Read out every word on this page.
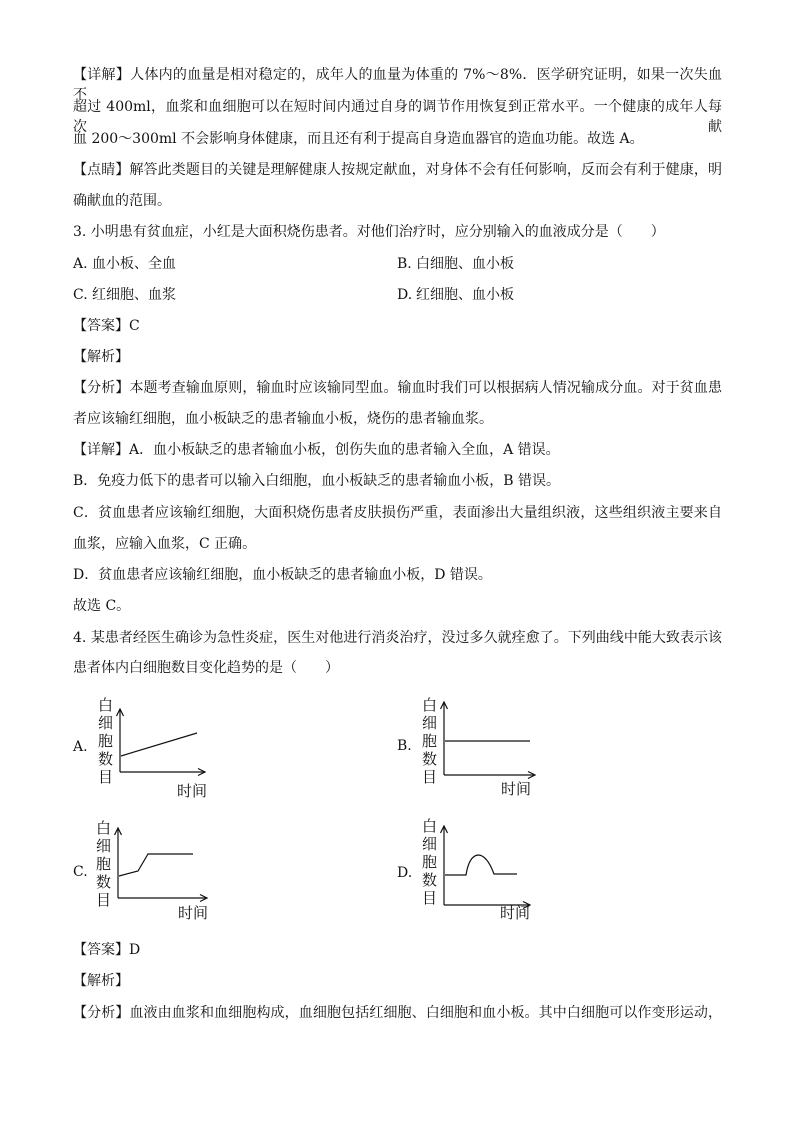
【详解】人体内的血量是相对稳定的，成年人的血量为体重的 7%～8%．医学研究证明，如果一次失血不
超过 400ml，血浆和血细胞可以在短时间内通过自身的调节作用恢复到正常水平。一个健康的成年人每次献
血 200～300ml 不会影响身体健康，而且还有利于提高自身造血器官的造血功能。故选 A。
【点睛】解答此类题目的关键是理解健康人按规定献血，对身体不会有任何影响，反而会有利于健康，明
确献血的范围。
3. 小明患有贫血症，小红是大面积烧伤患者。对他们治疗时，应分别输入的血液成分是（　　）
A. 血小板、全血	B. 白细胞、血小板
C. 红细胞、血浆	D. 红细胞、血小板
【答案】C
【解析】
【分析】本题考查输血原则，输血时应该输同型血。输血时我们可以根据病人情况输成分血。对于贫血患
者应该输红细胞，血小板缺乏的患者输血小板，烧伤的患者输血浆。
【详解】A．血小板缺乏的患者输血小板，创伤失血的患者输入全血，A 错误。
B．免疫力低下的患者可以输入白细胞，血小板缺乏的患者输血小板，B 错误。
C．贫血患者应该输红细胞，大面积烧伤患者皮肤损伤严重，表面渗出大量组织液，这些组织液主要来自
血浆，应输入血浆，C 正确。
D．贫血患者应该输红细胞，血小板缺乏的患者输血小板，D 错误。
故选 C。
4. 某患者经医生确诊为急性炎症，医生对他进行消炎治疗，没过多久就痊愈了。下列曲线中能大致表示该
患者体内白细胞数目变化趋势的是（　　）
A. 白细胞数目
时间
B. 白细胞数目
时间
C. 白细胞数目
时间
D. 白细胞数目
时间
【答案】D
【解析】
【分析】血液由血浆和血细胞构成，血细胞包括红细胞、白细胞和血小板。其中白细胞可以作变形运动，
